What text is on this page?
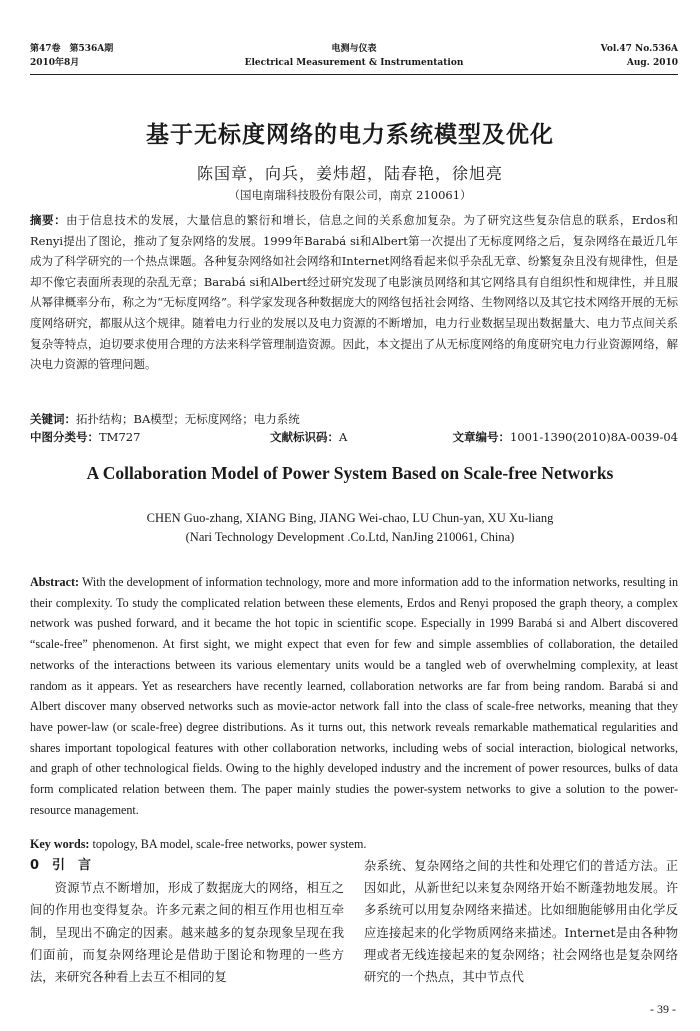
第47卷　第536A期
2010年8月
电测与仪表
Electrical Measurement & Instrumentation
Vol.47 No.536A
Aug. 2010
基于无标度网络的电力系统模型及优化
陈国章，向兵，姜炜超，陆春艳，徐旭亮
（国电南瑞科技股份有限公司，南京 210061）
摘要：由于信息技术的发展，大量信息的繁衍和增长，信息之间的关系愈加复杂。为了研究这些复杂信息的联系，Erdos和Renyi提出了图论，推动了复杂网络的发展。1999年Barabá si和Albert第一次提出了无标度网络之后，复杂网络在最近几年成为了科学研究的一个热点课题。各种复杂网络如社会网络和Internet网络看起来似乎杂乱无章、纷繁复杂且没有规律性，但是却不像它表面所表现的杂乱无章；Barabá si和Albert经过研究发现了电影演员网络和其它网络具有自组织性和规律性，并且服从幂律概率分布，称之为“无标度网络”。科学家发现各种数据庞大的网络包括社会网络、生物网络以及其它技术网络开展的无标度网络研究，都服从这个规律。随着电力行业的发展以及电力资源的不断增加，电力行业数据呈现出数据量大、电力节点间关系复杂等特点，迫切要求使用合理的方法来科学管理制造资源。因此，本文提出了从无标度网络的角度研究电力行业资源网络，解决电力资源的管理问题。
关键词：拓扑结构；BA模型；无标度网络；电力系统
中图分类号：TM727	文献标识码：A	文章编号：1001-1390(2010)8A-0039-04
A Collaboration Model of Power System Based on Scale-free Networks
CHEN Guo-zhang, XIANG Bing, JIANG Wei-chao, LU Chun-yan, XU Xu-liang
(Nari Technology Development .Co.Ltd, NanJing 210061, China)
Abstract: With the development of information technology, more and more information add to the information networks, resulting in their complexity. To study the complicated relation between these elements, Erdos and Renyi proposed the graph theory, a complex network was pushed forward, and it became the hot topic in scientific scope. Especially in 1999 Barabá si and Albert discovered “scale-free” phenomenon. At first sight, we might expect that even for few and simple assemblies of collaboration, the detailed networks of the interactions between its various elementary units would be a tangled web of overwhelming complexity, at least random as it appears. Yet as researchers have recently learned, collaboration networks are far from being random. Barabá si and Albert discover many observed networks such as movie-actor network fall into the class of scale-free networks, meaning that they have power-law (or scale-free) degree distributions. As it turns out, this network reveals remarkable mathematical regularities and shares important topological features with other collaboration networks, including webs of social interaction, biological networks, and graph of other technological fields. Owing to the highly developed industry and the increment of power resources, bulks of data form complicated relation between them. The paper mainly studies the power-system networks to give a solution to the power-resource management.
Key words: topology, BA model, scale-free networks, power system.
0　引　言
资源节点不断增加，形成了数据庞大的网络，相互之间的作用也变得复杂。许多元素之间的相互作用也相互牵制，呈现出不确定的因素。越来越多的复杂现象呈现在我们面前，而复杂网络理论是借助于图论和物理的一些方法，来研究各种看上去互不相同的复
杂系统、复杂网络之间的共性和处理它们的普适方法。正因如此，从新世纪以来复杂网络开始不断蓬勃地发展。许多系统可以用复杂网络来描述。比如细胞能够用由化学反应连接起来的化学物质网络来描述。Internet是由各种物理或者无线连接起来的复杂网络；社会网络也是复杂网络研究的一个热点，其中节点代
- 39 -
